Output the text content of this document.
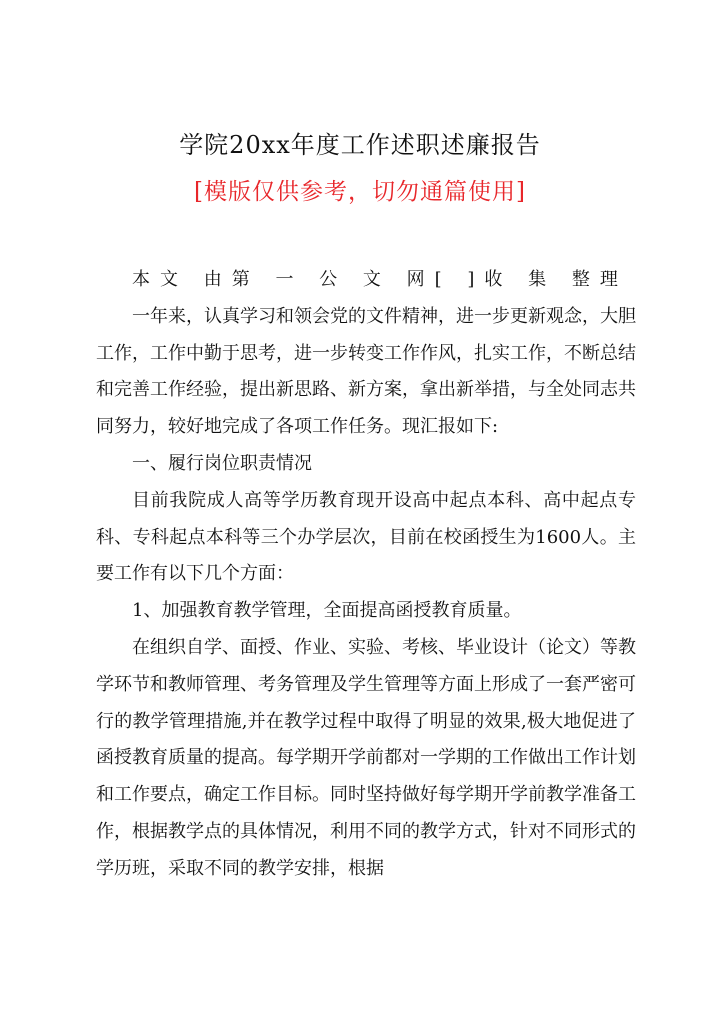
学院20xx年度工作述职述廉报告
[模版仅供参考，切勿通篇使用]

本文 由第 一 公 文 网[ ]收 集 整理

一年来，认真学习和领会党的文件精神，进一步更新观念，大胆工作，工作中勤于思考，进一步转变工作作风，扎实工作，不断总结和完善工作经验，提出新思路、新方案，拿出新举措，与全处同志共同努力，较好地完成了各项工作任务。现汇报如下:

一、履行岗位职责情况

目前我院成人高等学历教育现开设高中起点本科、高中起点专科、专科起点本科等三个办学层次，目前在校函授生为1600人。主要工作有以下几个方面：

1、加强教育教学管理，全面提高函授教育质量。

在组织自学、面授、作业、实验、考核、毕业设计（论文）等教学环节和教师管理、考务管理及学生管理等方面上形成了一套严密可行的教学管理措施,并在教学过程中取得了明显的效果,极大地促进了函授教育质量的提高。每学期开学前都对一学期的工作做出工作计划和工作要点，确定工作目标。同时坚持做好每学期开学前教学准备工作，根据教学点的具体情况，利用不同的教学方式，针对不同形式的学历班，采取不同的教学安排，根据
